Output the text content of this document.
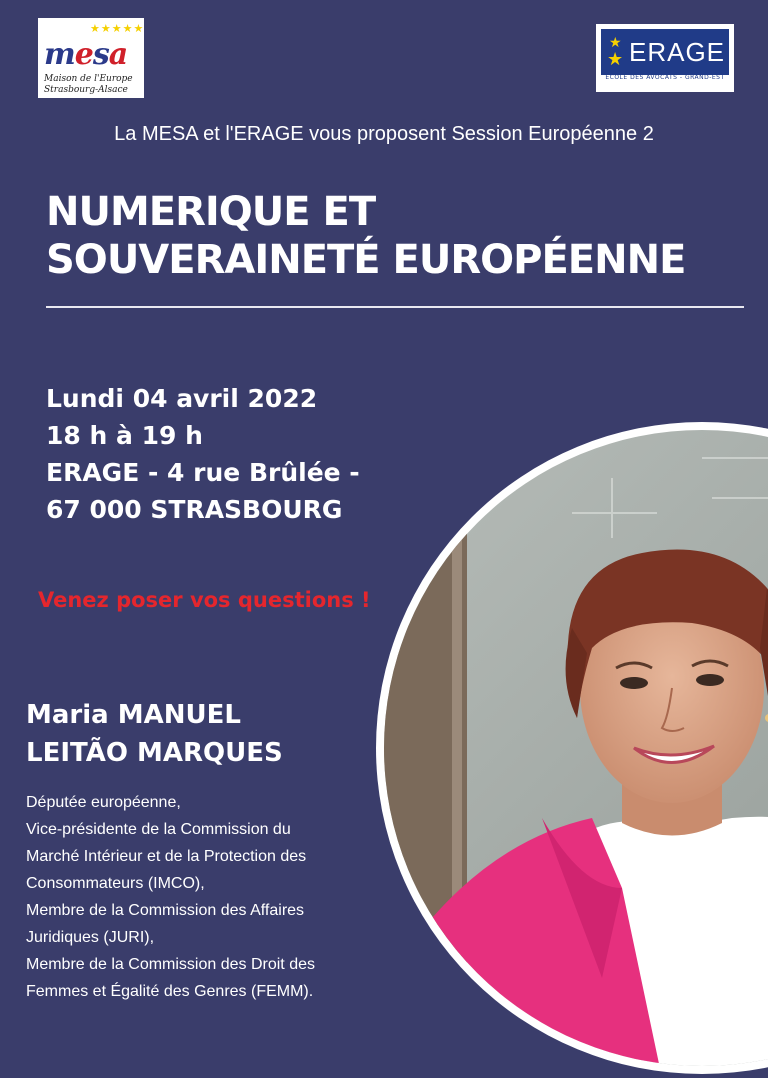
★★★★★
mesa
Maison de l'Europe
Strasbourg-Alsace
★
★ ERAGE
ÉCOLE DES AVOCATS - GRAND-EST
La MESA et l'ERAGE vous proposent Session Européenne 2
NUMERIQUE ET
SOUVERAINETÉ EUROPÉENNE
Lundi 04 avril 2022
18 h à 19 h
ERAGE - 4 rue Brûlée -
67 000 STRASBOURG
Venez poser vos questions !
Maria MANUEL
LEITÃO MARQUES
Députée européenne,
Vice-présidente de la Commission du
Marché Intérieur et de la Protection des
Consommateurs (IMCO),
Membre de la Commission des Affaires
Juridiques (JURI),
Membre de la Commission des Droit des
Femmes et Égalité des Genres (FEMM).
